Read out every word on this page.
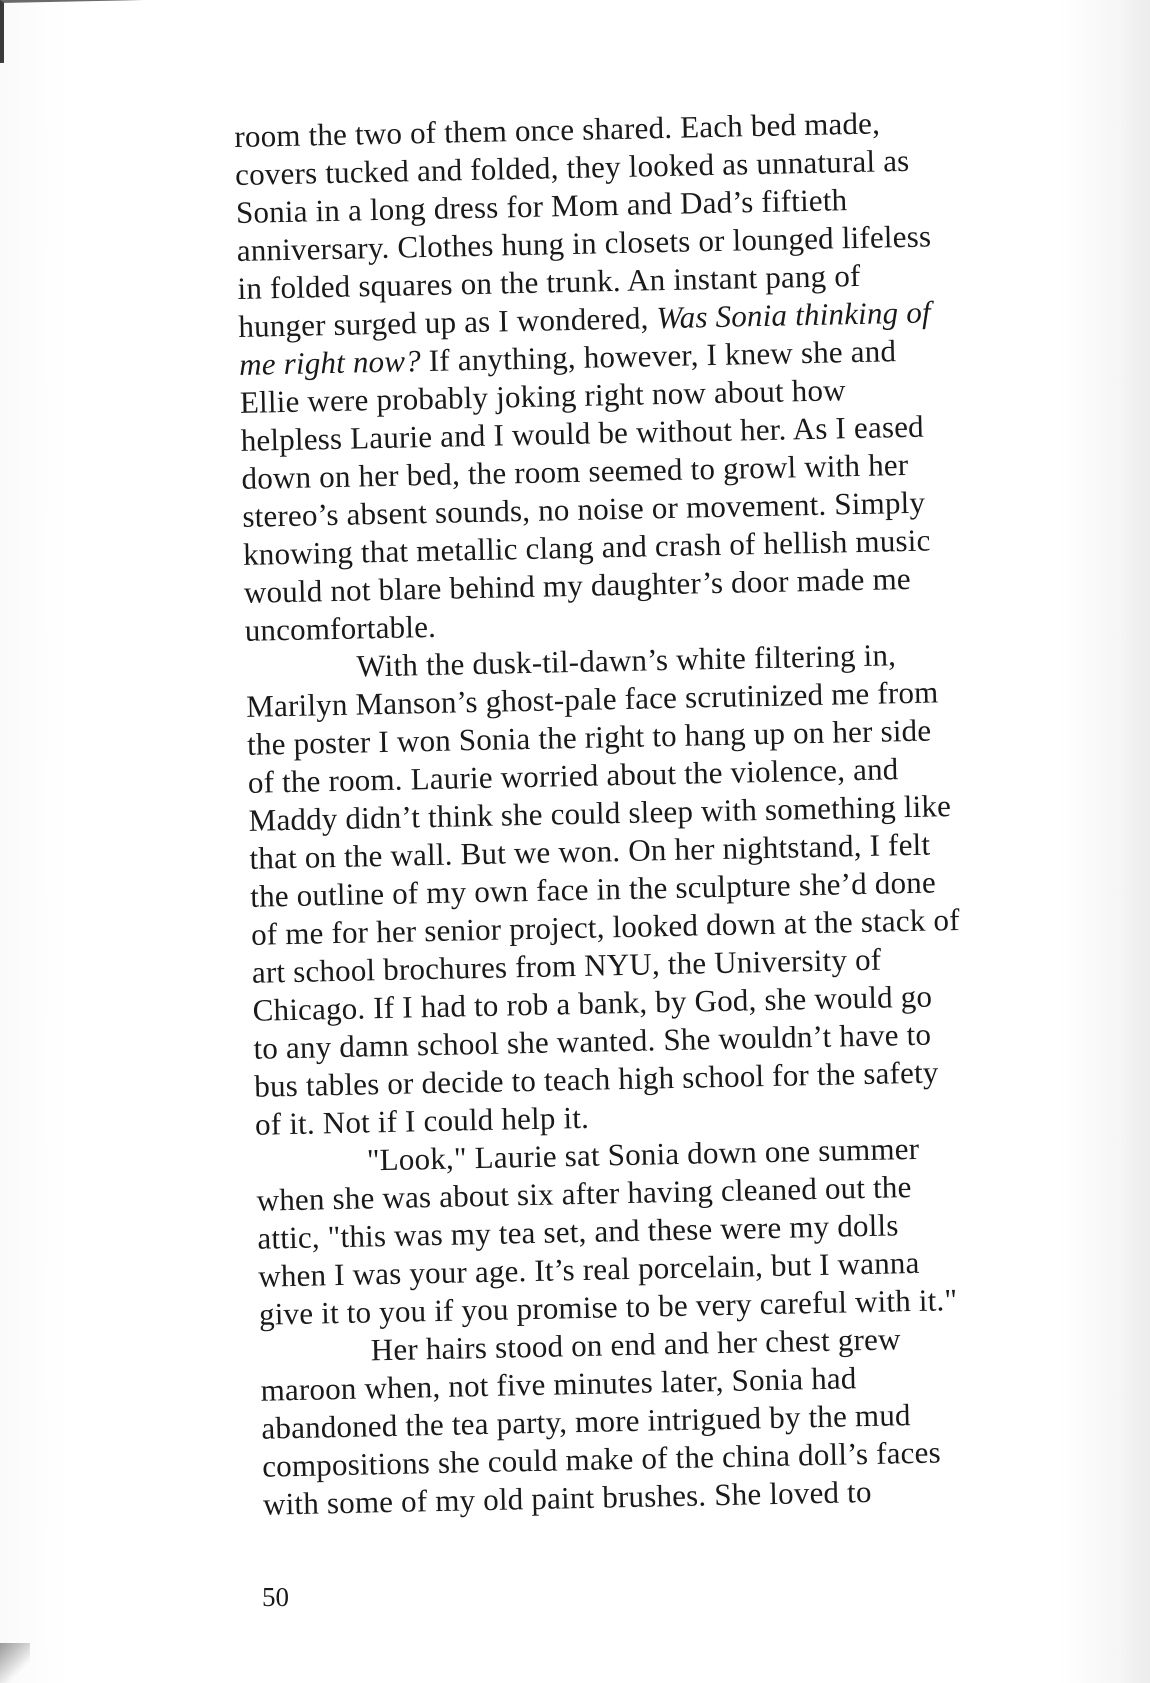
room the two of them once shared. Each bed made,
covers tucked and folded, they looked as unnatural as
Sonia in a long dress for Mom and Dad’s fiftieth
anniversary. Clothes hung in closets or lounged lifeless
in folded squares on the trunk. An instant pang of
hunger surged up as I wondered, Was Sonia thinking of
me right now? If anything, however, I knew she and
Ellie were probably joking right now about how
helpless Laurie and I would be without her. As I eased
down on her bed, the room seemed to growl with her
stereo’s absent sounds, no noise or movement. Simply
knowing that metallic clang and crash of hellish music
would not blare behind my daughter’s door made me
uncomfortable.
With the dusk-til-dawn’s white filtering in,
Marilyn Manson’s ghost-pale face scrutinized me from
the poster I won Sonia the right to hang up on her side
of the room. Laurie worried about the violence, and
Maddy didn’t think she could sleep with something like
that on the wall. But we won. On her nightstand, I felt
the outline of my own face in the sculpture she’d done
of me for her senior project, looked down at the stack of
art school brochures from NYU, the University of
Chicago. If I had to rob a bank, by God, she would go
to any damn school she wanted. She wouldn’t have to
bus tables or decide to teach high school for the safety
of it. Not if I could help it.
"Look," Laurie sat Sonia down one summer
when she was about six after having cleaned out the
attic, "this was my tea set, and these were my dolls
when I was your age. It’s real porcelain, but I wanna
give it to you if you promise to be very careful with it."
Her hairs stood on end and her chest grew
maroon when, not five minutes later, Sonia had
abandoned the tea party, more intrigued by the mud
compositions she could make of the china doll’s faces
with some of my old paint brushes. She loved to
50
